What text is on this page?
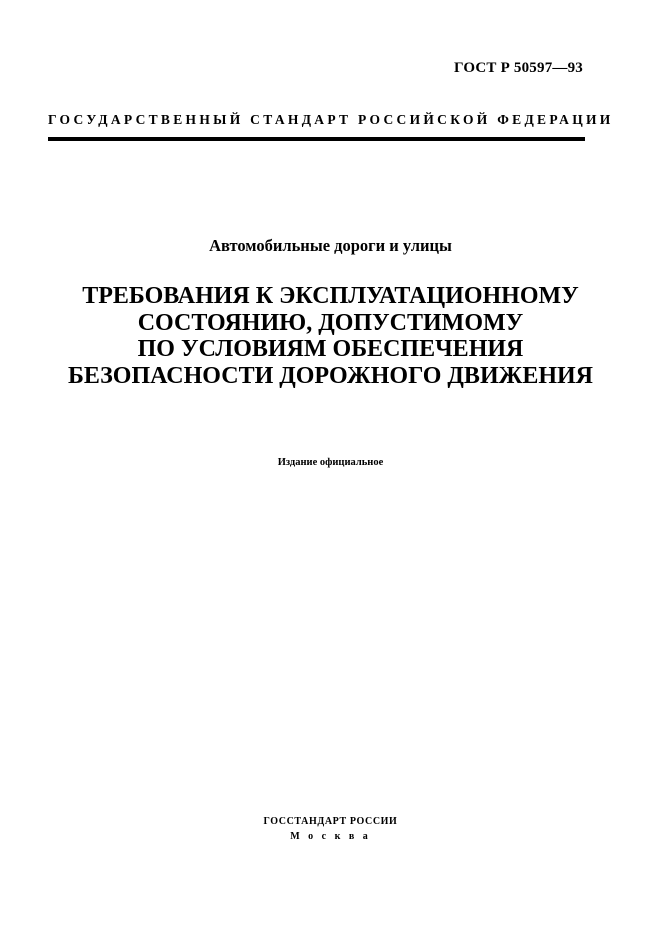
ГОСТ Р 50597—93
ГОСУДАРСТВЕННЫЙ СТАНДАРТ РОССИЙСКОЙ ФЕДЕРАЦИИ
Автомобильные дороги и улицы
ТРЕБОВАНИЯ К ЭКСПЛУАТАЦИОННОМУ
СОСТОЯНИЮ, ДОПУСТИМОМУ
ПО УСЛОВИЯМ ОБЕСПЕЧЕНИЯ
БЕЗОПАСНОСТИ ДОРОЖНОГО ДВИЖЕНИЯ
Издание официальное
ГОССТАНДАРТ РОССИИ
М о с к в а
